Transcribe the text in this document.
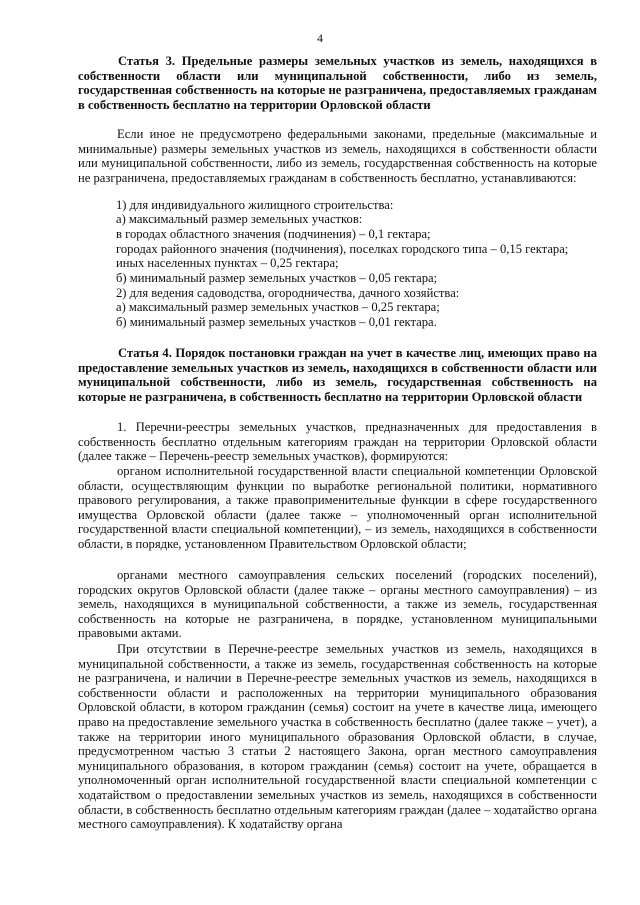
4

Статья 3. Предельные размеры земельных участков из земель, находящихся в собственности области или муниципальной собственности, либо из земель, государственная собственность на которые не разграничена, предоставляемых гражданам в собственность бесплатно на территории Орловской области

Если иное не предусмотрено федеральными законами, предельные (максимальные и минимальные) размеры земельных участков из земель, находящихся в собственности области или муниципальной собственности, либо из земель, государственная собственность на которые не разграничена, предоставляемых гражданам в собственность бесплатно, устанавливаются:

1) для индивидуального жилищного строительства:

а) максимальный размер земельных участков:

в городах областного значения (подчинения) – 0,1 гектара;

городах районного значения (подчинения), поселках городского типа – 0,15 гектара;

иных населенных пунктах – 0,25 гектара;

б) минимальный размер земельных участков – 0,05 гектара;

2) для ведения садоводства, огородничества, дачного хозяйства:

а) максимальный размер земельных участков – 0,25 гектара;

б) минимальный размер земельных участков – 0,01 гектара.

Статья 4. Порядок постановки граждан на учет в качестве лиц, имеющих право на предоставление земельных участков из земель, находящихся в собственности области или муниципальной собственности, либо из земель, государственная собственность на которые не разграничена, в собственность бесплатно на территории Орловской области

1. Перечни-реестры земельных участков, предназначенных для предоставления в собственность бесплатно отдельным категориям граждан на территории Орловской области (далее также – Перечень-реестр земельных участков), формируются:

органом исполнительной государственной власти специальной компетенции Орловской области, осуществляющим функции по выработке региональной политики, нормативного правового регулирования, а также правоприменительные функции в сфере государственного имущества Орловской области (далее также – уполномоченный орган исполнительной государственной власти специальной компетенции), – из земель, находящихся в собственности области, в порядке, установленном Правительством Орловской области;

органами местного самоуправления сельских поселений (городских поселений), городских округов Орловской области (далее также – органы местного самоуправления) – из земель, находящихся в муниципальной собственности, а также из земель, государственная собственность на которые не разграничена, в порядке, установленном муниципальными правовыми актами.

При отсутствии в Перечне-реестре земельных участков из земель, находящихся в муниципальной собственности, а также из земель, государственная собственность на которые не разграничена, и наличии в Перечне-реестре земельных участков из земель, находящихся в собственности области и расположенных на территории муниципального образования Орловской области, в котором гражданин (семья) состоит на учете в качестве лица, имеющего право на предоставление земельного участка в собственность бесплатно (далее также – учет), а также на территории иного муниципального образования Орловской области, в случае, предусмотренном частью 3 статьи 2 настоящего Закона, орган местного самоуправления муниципального образования, в котором гражданин (семья) состоит на учете, обращается в уполномоченный орган исполнительной государственной власти специальной компетенции с ходатайством о предоставлении земельных участков из земель, находящихся в собственности области, в собственность бесплатно отдельным категориям граждан (далее – ходатайство органа местного самоуправления). К ходатайству органа
